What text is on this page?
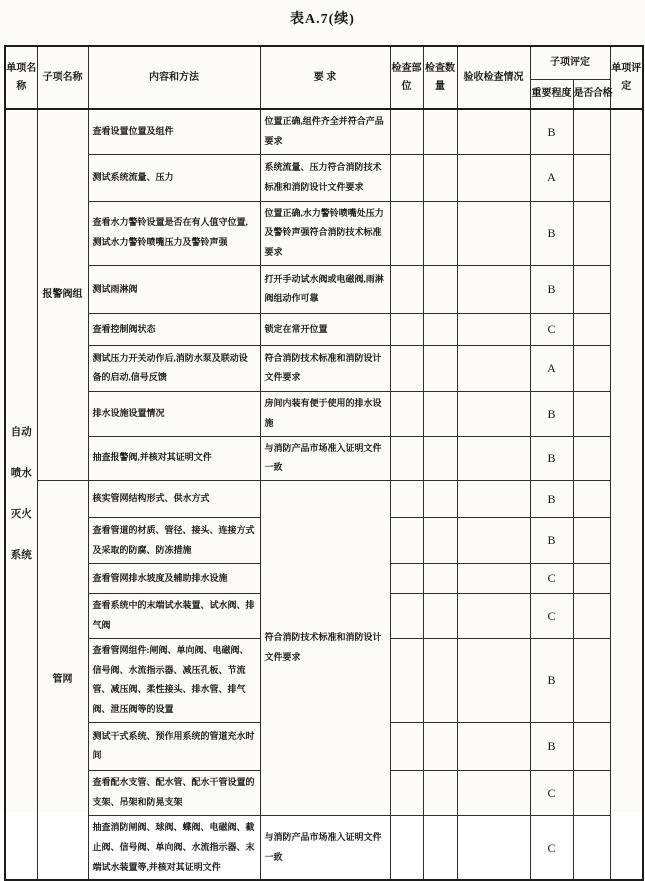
表A.7(续)
单项名称	子项名称	内容和方法	要 求	检查部位	检查数量	验收检查情况	子项评定		单项评定
							重要程度	是否合格	
自动喷水灭火系统	报警阀组	查看设置位置及组件	位置正确,组件齐全并符合产品要求				B		
		测试系统流量、压力	系统流量、压力符合消防技术标准和消防设计文件要求				A		
		查看水力警铃设置是否在有人值守位置,测试水力警铃喷嘴压力及警铃声强	位置正确,水力警铃喷嘴处压力及警铃声强符合消防技术标准要求				B		
		测试雨淋阀	打开手动试水阀或电磁阀,雨淋阀组动作可靠				B		
		查看控制阀状态	锁定在常开位置				C		
		测试压力开关动作后,消防水泵及联动设备的启动,信号反馈	符合消防技术标准和消防设计文件要求				A		
		排水设施设置情况	房间内装有便于使用的排水设施				B		
		抽查报警阀,并核对其证明文件	与消防产品市场准入证明文件一致				B		
	管网	核实管网结构形式、供水方式	符合消防技术标准和消防设计文件要求				B		
		查看管道的材质、管径、接头、连接方式及采取的防腐、防冻措施					B		
		查看管网排水坡度及辅助排水设施					C		
		查看系统中的末端试水装置、试水阀、排气阀					C		
		查看管网组件:闸阀、单向阀、电磁阀、信号阀、水流指示器、减压孔板、节流管、减压阀、柔性接头、排水管、排气阀、泄压阀等的设置					B		
		测试干式系统、预作用系统的管道充水时间					B		
		查看配水支管、配水管、配水干管设置的支架、吊架和防晃支架					C		
		抽查消防闸阀、球阀、蝶阀、电磁阀、截止阀、信号阀、单向阀、水流指示器、末端试水装置等,并核对其证明文件	与消防产品市场准入证明文件一致				C		
